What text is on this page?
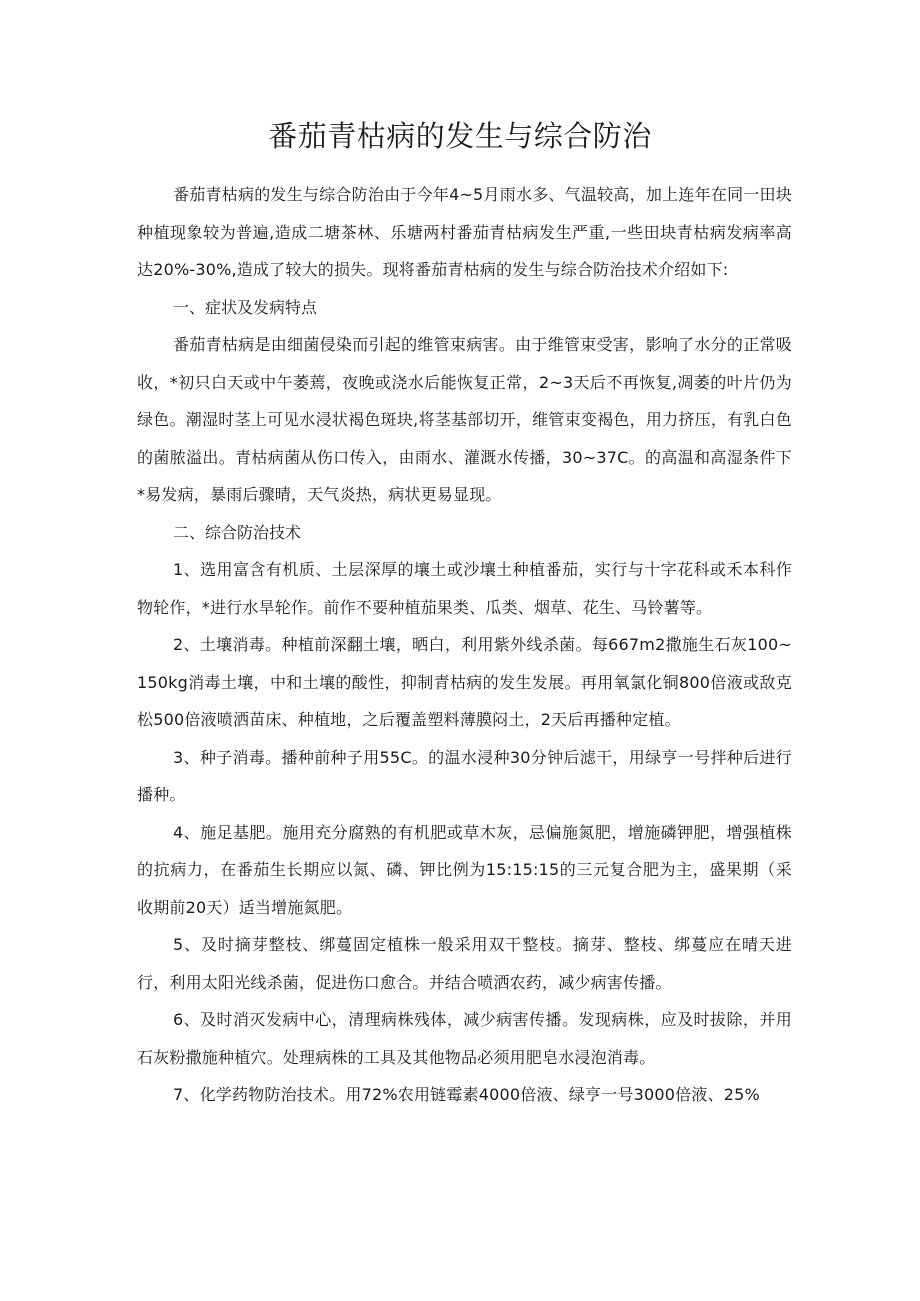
番茄青枯病的发生与综合防治

番茄青枯病的发生与综合防治由于今年4~5月雨水多、气温较高，加上连年在同一田块种植现象较为普遍,造成二塘茶林、乐塘两村番茄青枯病发生严重,一些田块青枯病发病率高达20%-30%,造成了较大的损失。现将番茄青枯病的发生与综合防治技术介绍如下:

一、症状及发病特点

番茄青枯病是由细菌侵染而引起的维管束病害。由于维管束受害，影响了水分的正常吸收，*初只白天或中午萎蔫，夜晚或浇水后能恢复正常，2~3天后不再恢复,凋萎的叶片仍为绿色。潮湿时茎上可见水浸状褐色斑块,将茎基部切开，维管束变褐色，用力挤压，有乳白色的菌脓溢出。青枯病菌从伤口传入，由雨水、灌溉水传播，30~37C。的高温和高湿条件下*易发病，暴雨后骤晴，天气炎热，病状更易显现。

二、综合防治技术

1、选用富含有机质、土层深厚的壤土或沙壤土种植番茄，实行与十字花科或禾本科作物轮作，*进行水旱轮作。前作不要种植茄果类、瓜类、烟草、花生、马铃薯等。

2、土壤消毒。种植前深翻土壤，晒白，利用紫外线杀菌。每667m2撒施生石灰100~150kg消毒土壤，中和土壤的酸性，抑制青枯病的发生发展。再用氧氯化铜800倍液或敌克松500倍液喷洒苗床、种植地，之后覆盖塑料薄膜闷土，2天后再播种定植。

3、种子消毒。播种前种子用55C。的温水浸种30分钟后滤干，用绿亨一号拌种后进行播种。

4、施足基肥。施用充分腐熟的有机肥或草木灰，忌偏施氮肥，增施磷钾肥，增强植株的抗病力，在番茄生长期应以氮、磷、钾比例为15:15:15的三元复合肥为主，盛果期（采收期前20天）适当增施氮肥。

5、及时摘芽整枝、绑蔓固定植株一般采用双干整枝。摘芽、整枝、绑蔓应在晴天进行，利用太阳光线杀菌，促进伤口愈合。并结合喷洒农药，减少病害传播。

6、及时消灭发病中心，清理病株残体，减少病害传播。发现病株，应及时拔除，并用石灰粉撒施种植穴。处理病株的工具及其他物品必须用肥皂水浸泡消毒。

7、化学药物防治技术。用72%农用链霉素4000倍液、绿亨一号3000倍液、25%
